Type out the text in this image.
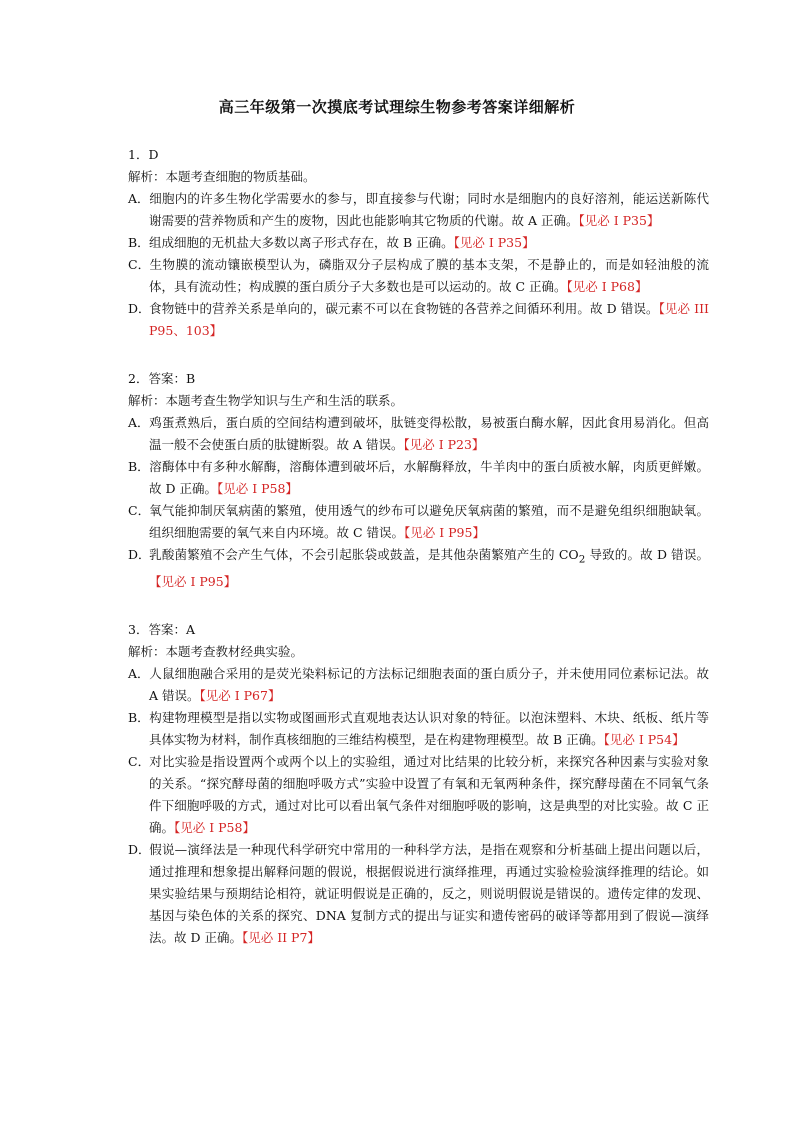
高三年级第一次摸底考试理综生物参考答案详细解析
1．D
解析：本题考查细胞的物质基础。
A．细胞内的许多生物化学需要水的参与，即直接参与代谢；同时水是细胞内的良好溶剂，能运送新陈代谢需要的营养物质和产生的废物，因此也能影响其它物质的代谢。故 A 正确。【见必 I P35】
B．组成细胞的无机盐大多数以离子形式存在，故 B 正确。【见必 I P35】
C．生物膜的流动镶嵌模型认为，磷脂双分子层构成了膜的基本支架，不是静止的，而是如轻油般的流体，具有流动性；构成膜的蛋白质分子大多数也是可以运动的。故 C 正确。【见必 I P68】
D．食物链中的营养关系是单向的，碳元素不可以在食物链的各营养之间循环利用。故 D 错误。【见必 III P95、103】
2．答案：B
解析：本题考查生物学知识与生产和生活的联系。
A．鸡蛋煮熟后，蛋白质的空间结构遭到破坏，肽链变得松散，易被蛋白酶水解，因此食用易消化。但高温一般不会使蛋白质的肽键断裂。故 A 错误。【见必 I P23】
B．溶酶体中有多种水解酶，溶酶体遭到破坏后，水解酶释放，牛羊肉中的蛋白质被水解，肉质更鲜嫩。故 D 正确。【见必 I P58】
C．氧气能抑制厌氧病菌的繁殖，使用透气的纱布可以避免厌氧病菌的繁殖，而不是避免组织细胞缺氧。组织细胞需要的氧气来自内环境。故 C 错误。【见必 I P95】
D．乳酸菌繁殖不会产生气体，不会引起胀袋或鼓盖，是其他杂菌繁殖产生的 $CO_2$ 导致的。故 D 错误。【见必 I P95】
3．答案：A
解析：本题考查教材经典实验。
A．人鼠细胞融合采用的是荧光染料标记的方法标记细胞表面的蛋白质分子，并未使用同位素标记法。故 A 错误。【见必 I P67】
B．构建物理模型是指以实物或图画形式直观地表达认识对象的特征。以泡沫塑料、木块、纸板、纸片等具体实物为材料，制作真核细胞的三维结构模型，是在构建物理模型。故 B 正确。【见必 I P54】
C．对比实验是指设置两个或两个以上的实验组，通过对比结果的比较分析，来探究各种因素与实验对象的关系。“探究酵母菌的细胞呼吸方式”实验中设置了有氧和无氧两种条件，探究酵母菌在不同氧气条件下细胞呼吸的方式，通过对比可以看出氧气条件对细胞呼吸的影响，这是典型的对比实验。故 C 正确。【见必 I P58】
D．假说—演绎法是一种现代科学研究中常用的一种科学方法，是指在观察和分析基础上提出问题以后，通过推理和想象提出解释问题的假说，根据假说进行演绎推理，再通过实验检验演绎推理的结论。如果实验结果与预期结论相符，就证明假说是正确的，反之，则说明假说是错误的。遗传定律的发现、基因与染色体的关系的探究、DNA 复制方式的提出与证实和遗传密码的破译等都用到了假说—演绎法。故 D 正确。【见必 II P7】
